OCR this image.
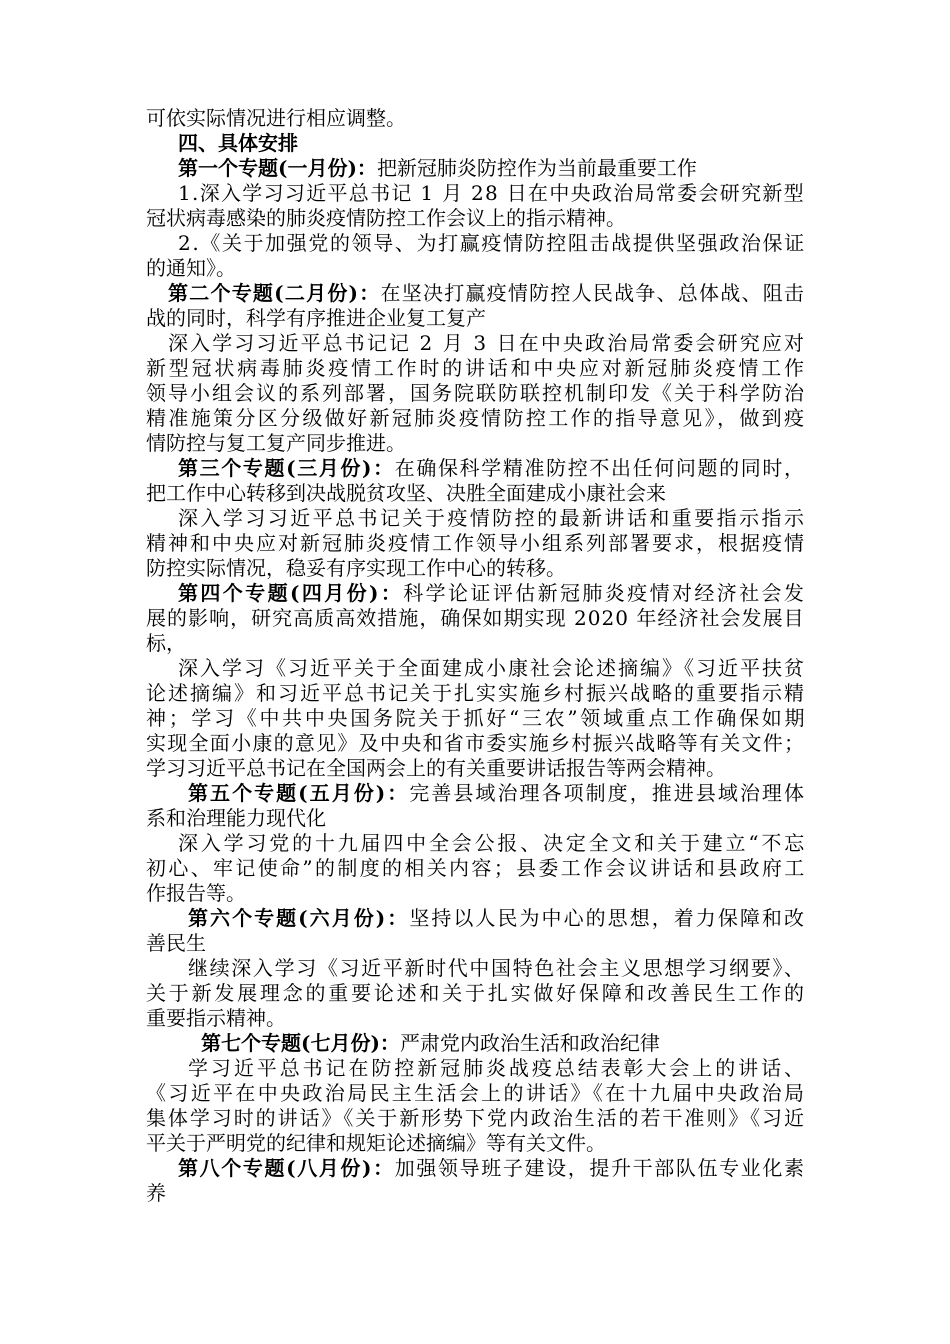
可依实际情况进行相应调整。
四、具体安排
第一个专题(一月份)：把新冠肺炎防控作为当前最重要工作
1.深入学习习近平总书记 1 月 28 日在中央政治局常委会研究新型
冠状病毒感染的肺炎疫情防控工作会议上的指示精神。
2.《关于加强党的领导、为打赢疫情防控阻击战提供坚强政治保证
的通知》。
第二个专题(二月份)：在坚决打赢疫情防控人民战争、总体战、阻击
战的同时，科学有序推进企业复工复产
深入学习习近平总书记记 2 月 3 日在中央政治局常委会研究应对
新型冠状病毒肺炎疫情工作时的讲话和中央应对新冠肺炎疫情工作
领导小组会议的系列部署，国务院联防联控机制印发《关于科学防治
精准施策分区分级做好新冠肺炎疫情防控工作的指导意见》，做到疫
情防控与复工复产同步推进。
第三个专题(三月份)：在确保科学精准防控不出任何问题的同时，
把工作中心转移到决战脱贫攻坚、决胜全面建成小康社会来
深入学习习近平总书记关于疫情防控的最新讲话和重要指示指示
精神和中央应对新冠肺炎疫情工作领导小组系列部署要求，根据疫情
防控实际情况，稳妥有序实现工作中心的转移。
第四个专题(四月份)：科学论证评估新冠肺炎疫情对经济社会发
展的影响，研究高质高效措施，确保如期实现 2020 年经济社会发展目
标，
深入学习《习近平关于全面建成小康社会论述摘编》《习近平扶贫
论述摘编》和习近平总书记关于扎实实施乡村振兴战略的重要指示精
神；学习《中共中央国务院关于抓好“三农”领域重点工作确保如期
实现全面小康的意见》及中央和省市委实施乡村振兴战略等有关文件；
学习习近平总书记在全国两会上的有关重要讲话报告等两会精神。
第五个专题(五月份)：完善县域治理各项制度，推进县域治理体
系和治理能力现代化
深入学习党的十九届四中全会公报、决定全文和关于建立“不忘
初心、牢记使命”的制度的相关内容；县委工作会议讲话和县政府工
作报告等。
第六个专题(六月份)：坚持以人民为中心的思想，着力保障和改
善民生
继续深入学习《习近平新时代中国特色社会主义思想学习纲要》、
关于新发展理念的重要论述和关于扎实做好保障和改善民生工作的
重要指示精神。
第七个专题(七月份)：严肃党内政治生活和政治纪律
学习近平总书记在防控新冠肺炎战疫总结表彰大会上的讲话、
《习近平在中央政治局民主生活会上的讲话》《在十九届中央政治局
集体学习时的讲话》《关于新形势下党内政治生活的若干准则》《习近
平关于严明党的纪律和规矩论述摘编》等有关文件。
第八个专题(八月份)：加强领导班子建设，提升干部队伍专业化素
养
